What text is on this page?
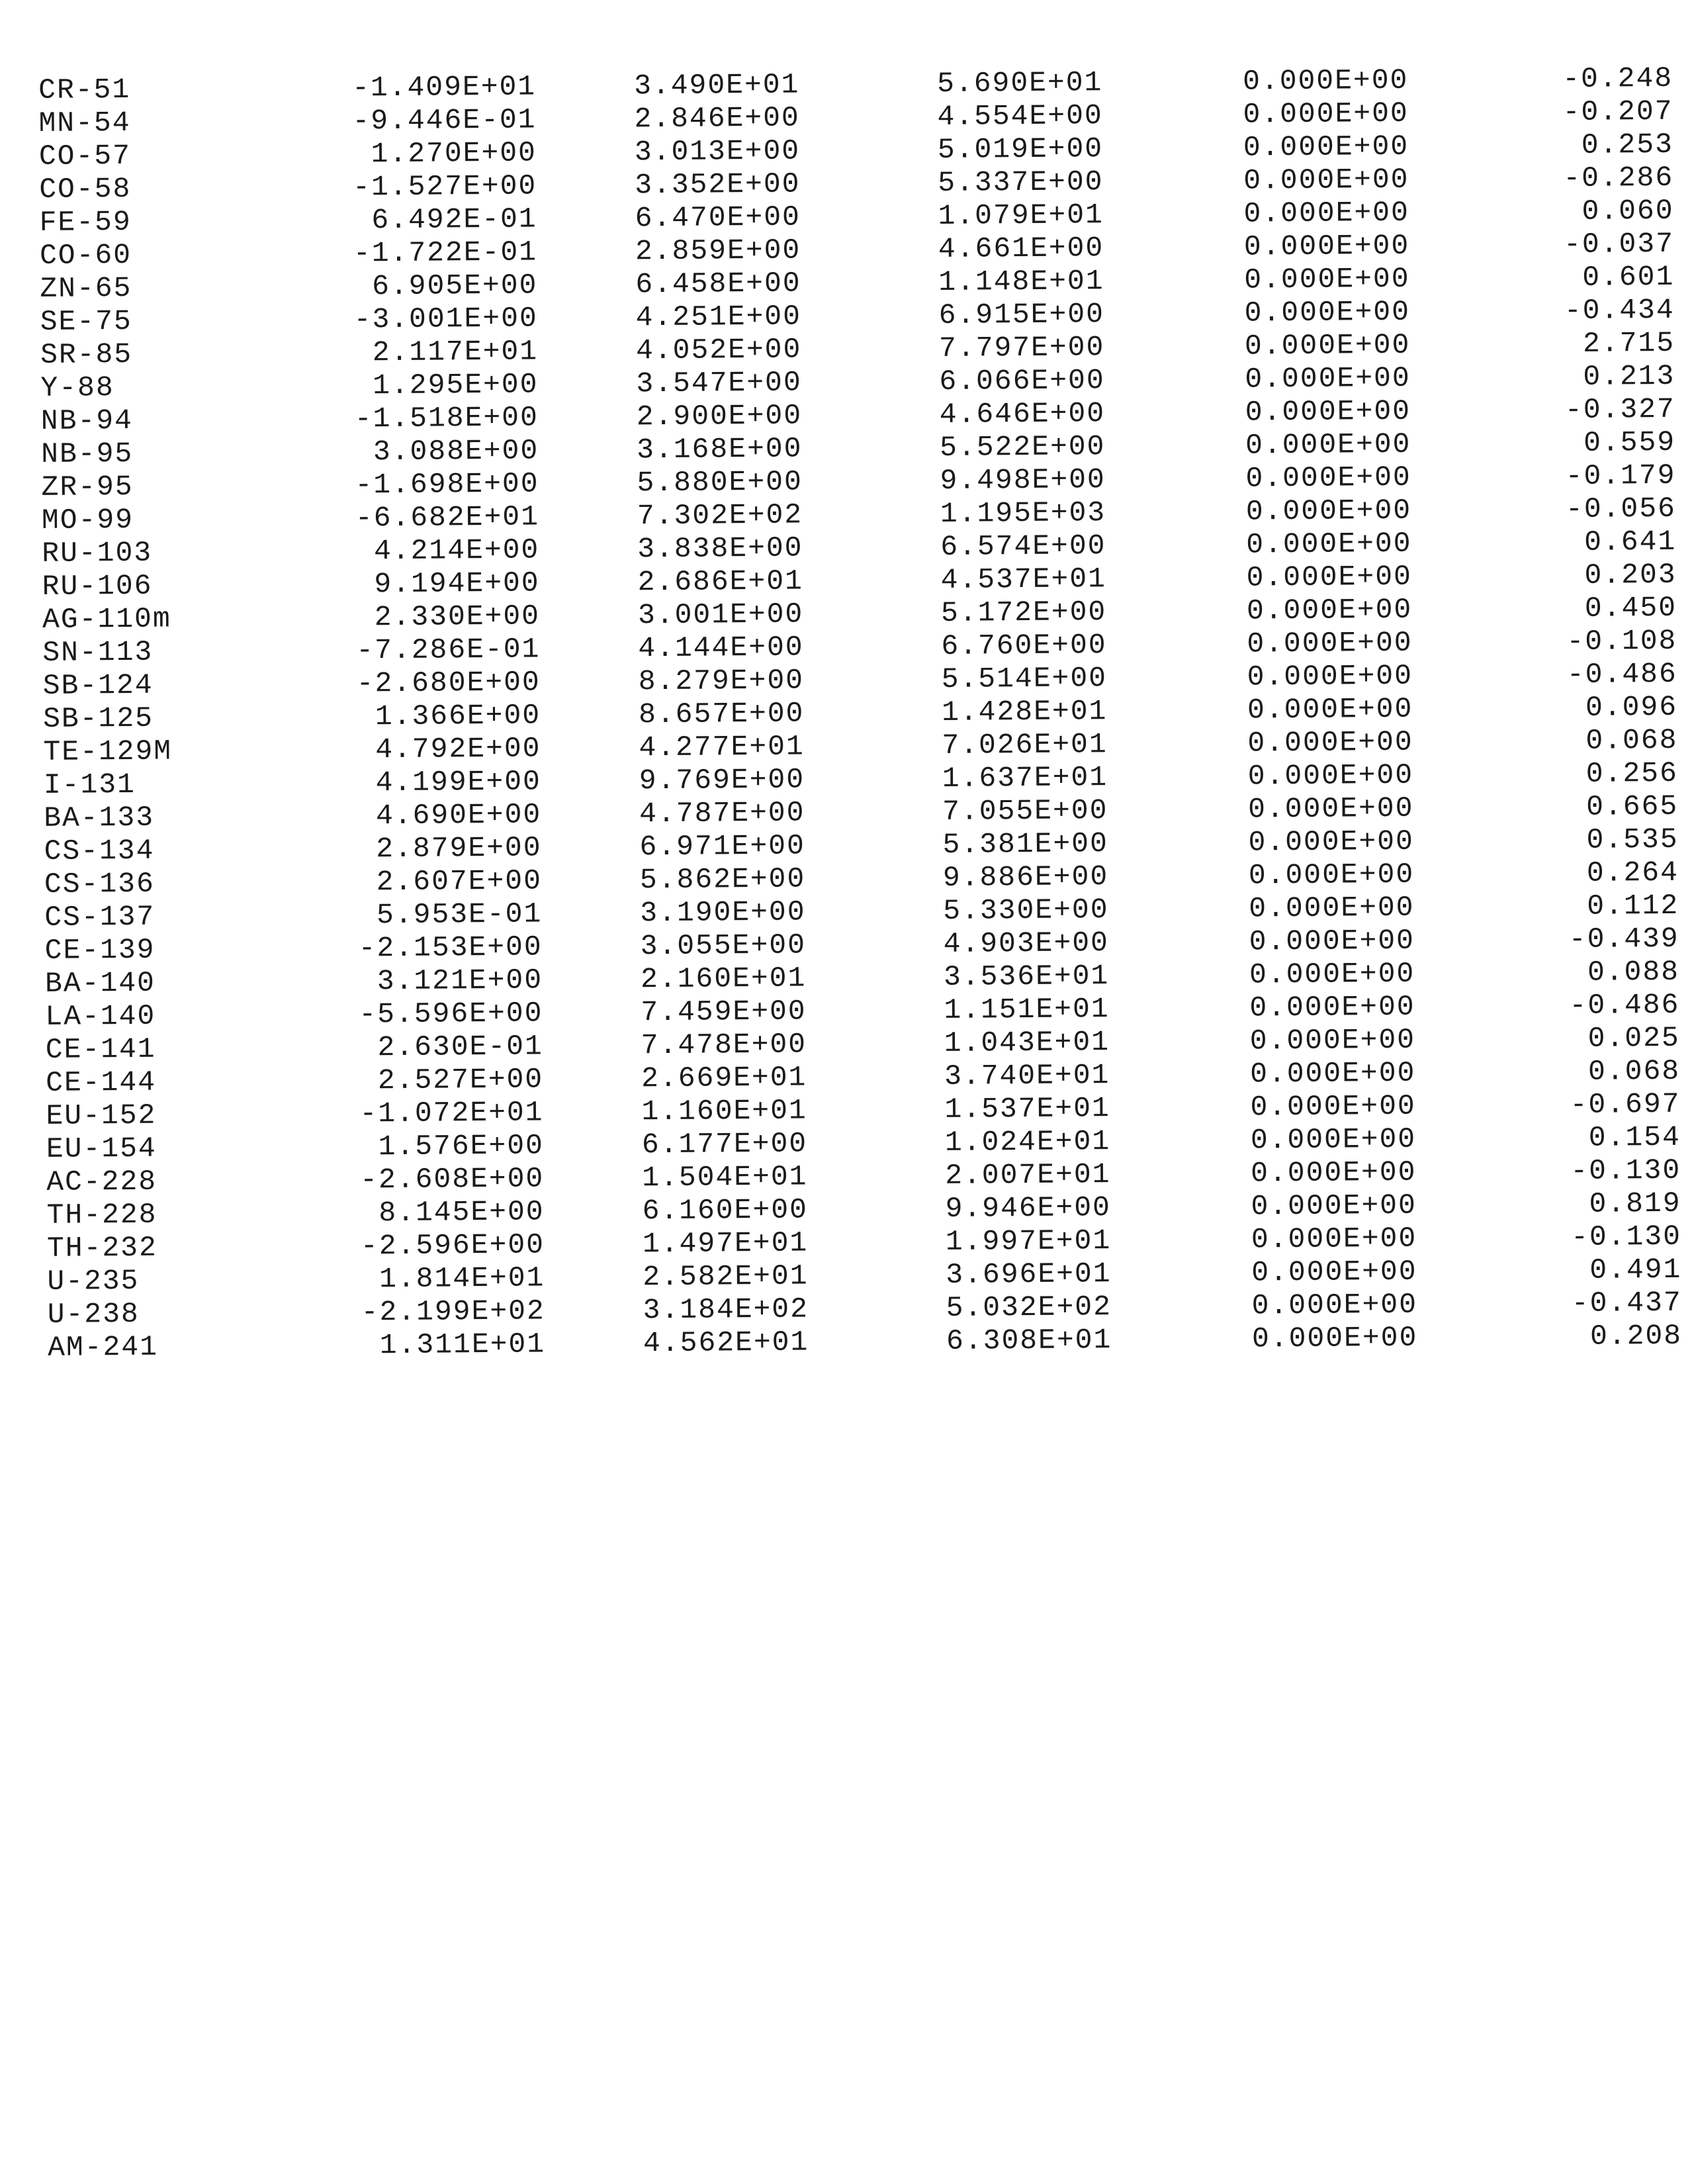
CR-51	-1.409E+01	3.490E+01	5.690E+01	0.000E+00	-0.248
MN-54	-9.446E-01	2.846E+00	4.554E+00	0.000E+00	-0.207
CO-57	1.270E+00	3.013E+00	5.019E+00	0.000E+00	0.253
CO-58	-1.527E+00	3.352E+00	5.337E+00	0.000E+00	-0.286
FE-59	6.492E-01	6.470E+00	1.079E+01	0.000E+00	0.060
CO-60	-1.722E-01	2.859E+00	4.661E+00	0.000E+00	-0.037
ZN-65	6.905E+00	6.458E+00	1.148E+01	0.000E+00	0.601
SE-75	-3.001E+00	4.251E+00	6.915E+00	0.000E+00	-0.434
SR-85	2.117E+01	4.052E+00	7.797E+00	0.000E+00	2.715
Y-88	1.295E+00	3.547E+00	6.066E+00	0.000E+00	0.213
NB-94	-1.518E+00	2.900E+00	4.646E+00	0.000E+00	-0.327
NB-95	3.088E+00	3.168E+00	5.522E+00	0.000E+00	0.559
ZR-95	-1.698E+00	5.880E+00	9.498E+00	0.000E+00	-0.179
MO-99	-6.682E+01	7.302E+02	1.195E+03	0.000E+00	-0.056
RU-103	4.214E+00	3.838E+00	6.574E+00	0.000E+00	0.641
RU-106	9.194E+00	2.686E+01	4.537E+01	0.000E+00	0.203
AG-110m	2.330E+00	3.001E+00	5.172E+00	0.000E+00	0.450
SN-113	-7.286E-01	4.144E+00	6.760E+00	0.000E+00	-0.108
SB-124	-2.680E+00	8.279E+00	5.514E+00	0.000E+00	-0.486
SB-125	1.366E+00	8.657E+00	1.428E+01	0.000E+00	0.096
TE-129M	4.792E+00	4.277E+01	7.026E+01	0.000E+00	0.068
I-131	4.199E+00	9.769E+00	1.637E+01	0.000E+00	0.256
BA-133	4.690E+00	4.787E+00	7.055E+00	0.000E+00	0.665
CS-134	2.879E+00	6.971E+00	5.381E+00	0.000E+00	0.535
CS-136	2.607E+00	5.862E+00	9.886E+00	0.000E+00	0.264
CS-137	5.953E-01	3.190E+00	5.330E+00	0.000E+00	0.112
CE-139	-2.153E+00	3.055E+00	4.903E+00	0.000E+00	-0.439
BA-140	3.121E+00	2.160E+01	3.536E+01	0.000E+00	0.088
LA-140	-5.596E+00	7.459E+00	1.151E+01	0.000E+00	-0.486
CE-141	2.630E-01	7.478E+00	1.043E+01	0.000E+00	0.025
CE-144	2.527E+00	2.669E+01	3.740E+01	0.000E+00	0.068
EU-152	-1.072E+01	1.160E+01	1.537E+01	0.000E+00	-0.697
EU-154	1.576E+00	6.177E+00	1.024E+01	0.000E+00	0.154
AC-228	-2.608E+00	1.504E+01	2.007E+01	0.000E+00	-0.130
TH-228	8.145E+00	6.160E+00	9.946E+00	0.000E+00	0.819
TH-232	-2.596E+00	1.497E+01	1.997E+01	0.000E+00	-0.130
U-235	1.814E+01	2.582E+01	3.696E+01	0.000E+00	0.491
U-238	-2.199E+02	3.184E+02	5.032E+02	0.000E+00	-0.437
AM-241	1.311E+01	4.562E+01	6.308E+01	0.000E+00	0.208
